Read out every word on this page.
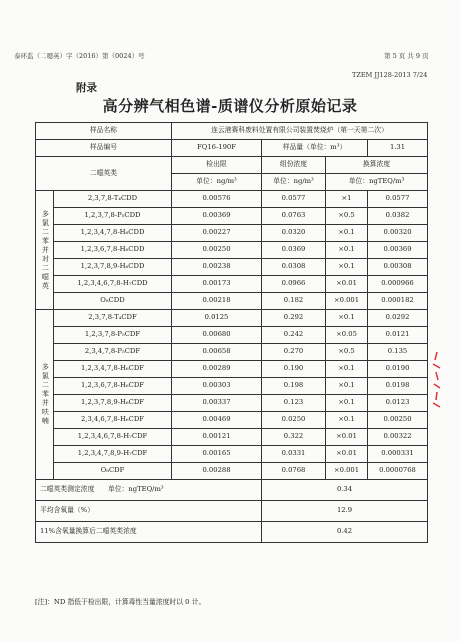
泰环监（二噁英）字（2016）第（0024）号	第 5 页 共 9 页
TZEM JJ128-2013 7/24
附录
高分辨气相色谱-质谱仪分析原始记录
样品名称		连云港赛科废料处置有限公司装置焚烧炉（第一天第二次）			
样品编号		FQ16-190F	样品量（单位：m³）		1.31
二噁英类		检出限	组份浓度	换算浓度	
		单位：ng/m³	单位：ng/m³	单位：ngTEQ/m³	
多氯二苯并对二噁英	2,3,7,8-T₄CDD	0.00576	0.0577	×1	0.0577
	1,2,3,7,8-P₅CDD	0.00369	0.0763	×0.5	0.0382
	1,2,3,4,7,8-H₆CDD	0.00227	0.0320	×0.1	0.00320
	1,2,3,6,7,8-H₆CDD	0.00250	0.0369	×0.1	0.00369
	1,2,3,7,8,9-H₆CDD	0.00238	0.0308	×0.1	0.00308
	1,2,3,4,6,7,8-H₇CDD	0.00173	0.0966	×0.01	0.000966
	O₈CDD	0.00218	0.182	×0.001	0.000182
多氯二苯并呋喃	2,3,7,8-T₄CDF	0.0125	0.292	×0.1	0.0292
	1,2,3,7,8-P₅CDF	0.00680	0.242	×0.05	0.0121
	2,3,4,7,8-P₅CDF	0.00658	0.270	×0.5	0.135
	1,2,3,4,7,8-H₆CDF	0.00289	0.190	×0.1	0.0190
	1,2,3,6,7,8-H₆CDF	0.00303	0.198	×0.1	0.0198
	1,2,3,7,8,9-H₆CDF	0.00337	0.123	×0.1	0.0123
	2,3,4,6,7,8-H₆CDF	0.00469	0.0250	×0.1	0.00250
	1,2,3,4,6,7,8-H₇CDF	0.00121	0.322	×0.01	0.00322
	1,2,3,4,7,8,9-H₇CDF	0.00165	0.0331	×0.01	0.000331
	O₈CDF	0.00288	0.0768	×0.001	0.0000768
二噁英类测定浓度　　单位：ngTEQ/m³			0.34		
平均含氧量（%）			12.9		
11%含氧量换算后二噁英类浓度			0.42		
[注]：ND 指低于检出限，计算毒性当量浓度时以 0 计。
